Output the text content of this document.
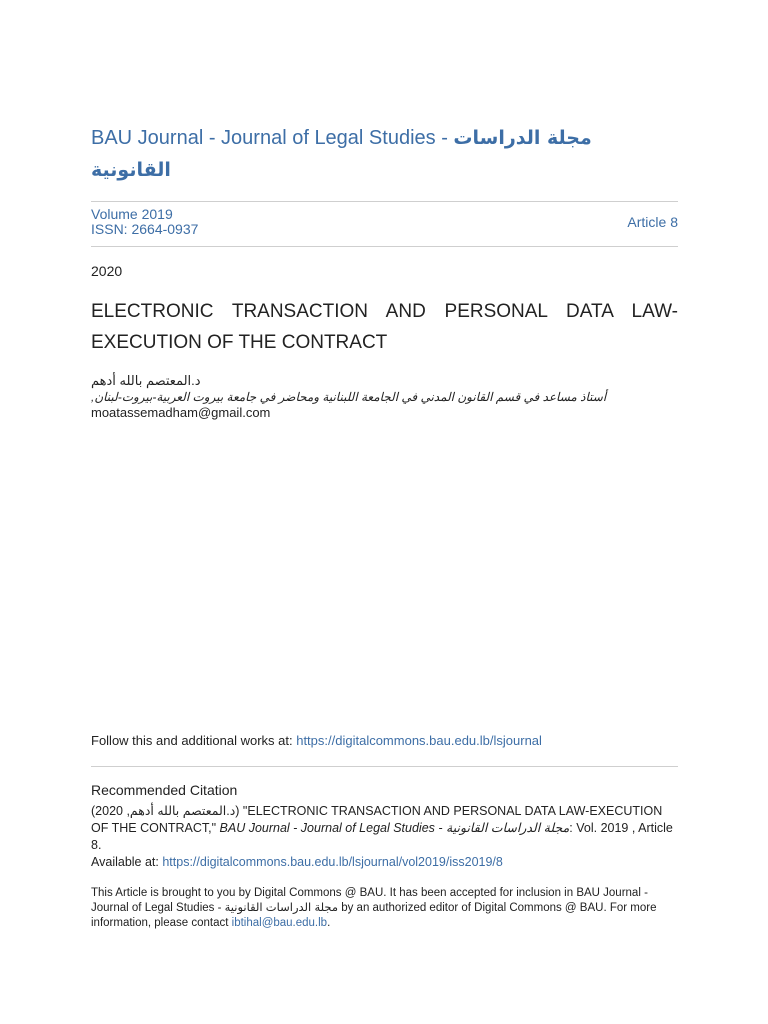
BAU Journal - Journal of Legal Studies - مجلة الدراسات القانونية
Volume 2019
ISSN: 2664-0937	Article 8
2020
ELECTRONIC TRANSACTION AND PERSONAL DATA LAW-EXECUTION OF THE CONTRACT
د.المعتصم بالله أدهم
أستاذ مساعد في قسم القانون المدني في الجامعة اللبنانية ومحاضر في جامعة بيروت العربية-بيروت-لبنان,
moatassemadham@gmail.com
Follow this and additional works at: https://digitalcommons.bau.edu.lb/lsjournal
Recommended Citation
(د.المعتصم بالله أدهم, 2020) "ELECTRONIC TRANSACTION AND PERSONAL DATA LAW-EXECUTION OF THE CONTRACT," BAU Journal - Journal of Legal Studies - مجلة الدراسات القانونية: Vol. 2019 , Article 8.
Available at: https://digitalcommons.bau.edu.lb/lsjournal/vol2019/iss2019/8
This Article is brought to you by Digital Commons @ BAU. It has been accepted for inclusion in BAU Journal - Journal of Legal Studies - مجلة الدراسات القانونية by an authorized editor of Digital Commons @ BAU. For more information, please contact ibtihal@bau.edu.lb.
